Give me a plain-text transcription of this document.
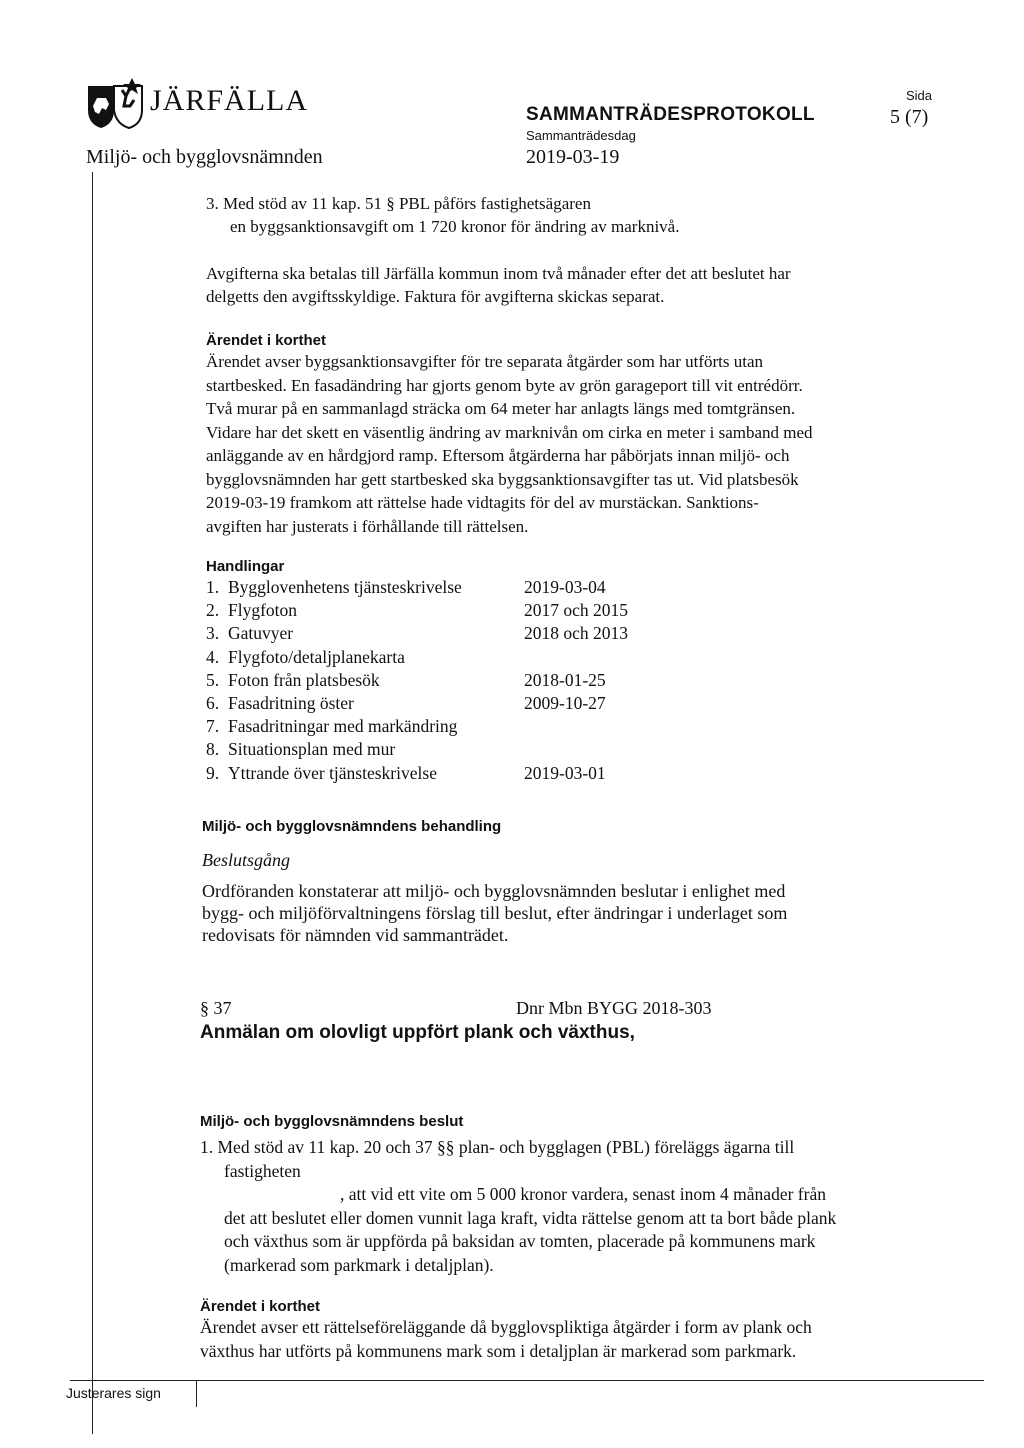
JÄRFÄLLA
Miljö- och bygglovsnämnden
SAMMANTRÄDESPROTOKOLL
Sammanträdesdag
2019-03-19
Sida
5 (7)
3. Med stöd av 11 kap. 51 § PBL påförs fastighetsägaren
en byggsanktionsavgift om 1 720 kronor för ändring av marknivå.
Avgifterna ska betalas till Järfälla kommun inom två månader efter det att beslutet har
delgetts den avgiftsskyldige. Faktura för avgifterna skickas separat.
Ärendet i korthet
Ärendet avser byggsanktionsavgifter för tre separata åtgärder som har utförts utan
startbesked. En fasadändring har gjorts genom byte av grön garageport till vit entrédörr.
Två murar på en sammanlagd sträcka om 64 meter har anlagts längs med tomtgränsen.
Vidare har det skett en väsentlig ändring av marknivån om cirka en meter i samband med
anläggande av en hårdgjord ramp. Eftersom åtgärderna har påbörjats innan miljö- och
bygglovsnämnden har gett startbesked ska byggsanktionsavgifter tas ut. Vid platsbesök
2019-03-19 framkom att rättelse hade vidtagits för del av murstäckan. Sanktions-
avgiften har justerats i förhållande till rättelsen.
Handlingar
1. Bygglovenhetens tjänsteskrivelse	2019-03-04
2. Flygfoton	2017 och 2015
3. Gatuvyer	2018 och 2013
4. Flygfoto/detaljplanekarta
5. Foton från platsbesök	2018-01-25
6. Fasadritning öster	2009-10-27
7. Fasadritningar med markändring
8. Situationsplan med mur
9. Yttrande över tjänsteskrivelse	2019-03-01
Miljö- och bygglovsnämndens behandling
Beslutsgång
Ordföranden konstaterar att miljö- och bygglovsnämnden beslutar i enlighet med
bygg- och miljöförvaltningens förslag till beslut, efter ändringar i underlaget som
redovisats för nämnden vid sammanträdet.
§ 37	Dnr Mbn BYGG 2018-303
Anmälan om olovligt uppfört plank och växthus,
Miljö- och bygglovsnämndens beslut
1. Med stöd av 11 kap. 20 och 37 §§ plan- och bygglagen (PBL) föreläggs ägarna till
fastigheten
, att vid ett vite om 5 000 kronor vardera, senast inom 4 månader från
det att beslutet eller domen vunnit laga kraft, vidta rättelse genom att ta bort både plank
och växthus som är uppförda på baksidan av tomten, placerade på kommunens mark
(markerad som parkmark i detaljplan).
Ärendet i korthet
Ärendet avser ett rättelseföreläggande då bygglovspliktiga åtgärder i form av plank och
växthus har utförts på kommunens mark som i detaljplan är markerad som parkmark.
Justerares sign
